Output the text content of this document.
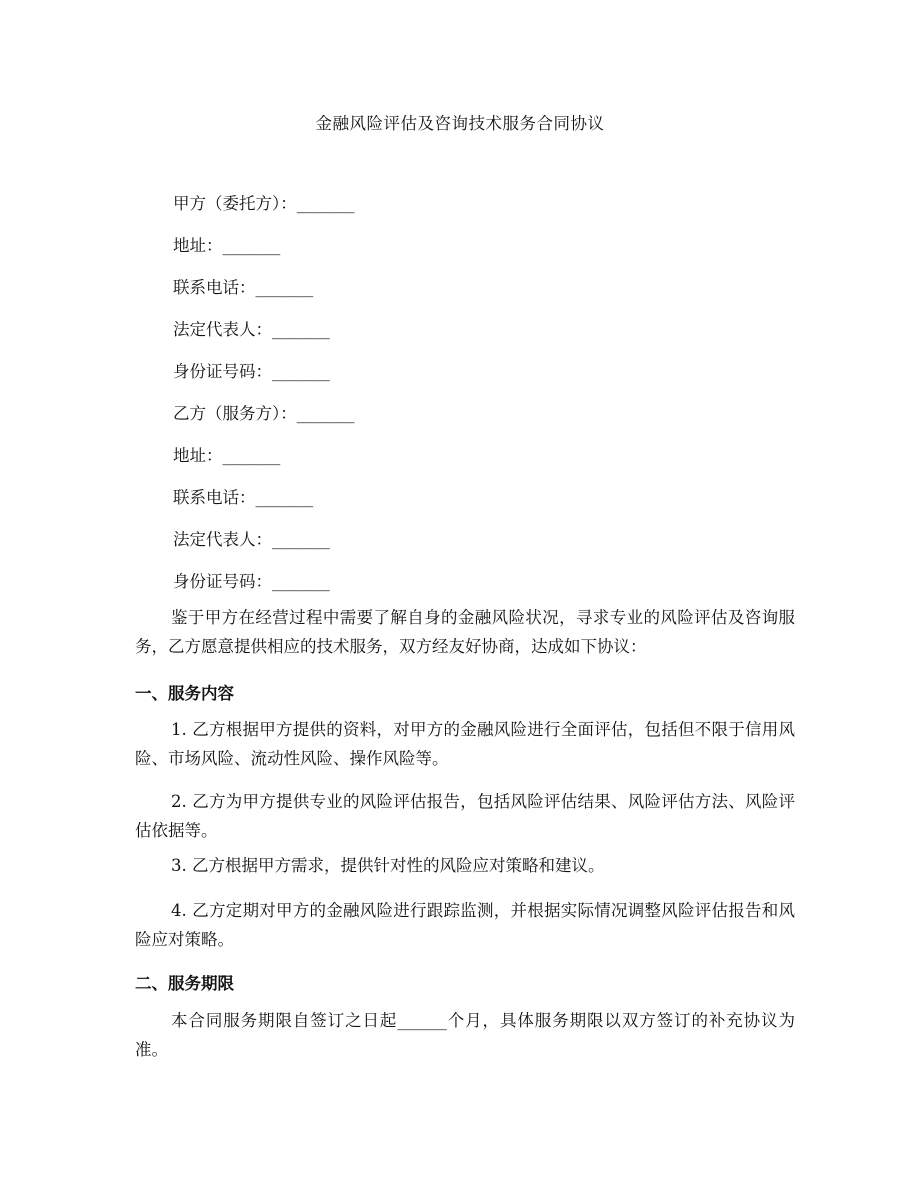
金融风险评估及咨询技术服务合同协议
甲方（委托方）：_______
地址：_______
联系电话：_______
法定代表人：_______
身份证号码：_______
乙方（服务方）：_______
地址：_______
联系电话：_______
法定代表人：_______
身份证号码：_______

鉴于甲方在经营过程中需要了解自身的金融风险状况，寻求专业的风险评估及咨询服务，乙方愿意提供相应的技术服务，双方经友好协商，达成如下协议：

一、服务内容

1. 乙方根据甲方提供的资料，对甲方的金融风险进行全面评估，包括但不限于信用风险、市场风险、流动性风险、操作风险等。

2. 乙方为甲方提供专业的风险评估报告，包括风险评估结果、风险评估方法、风险评估依据等。

3. 乙方根据甲方需求，提供针对性的风险应对策略和建议。

4. 乙方定期对甲方的金融风险进行跟踪监测，并根据实际情况调整风险评估报告和风险应对策略。

二、服务期限

本合同服务期限自签订之日起______个月，具体服务期限以双方签订的补充协议为准。
